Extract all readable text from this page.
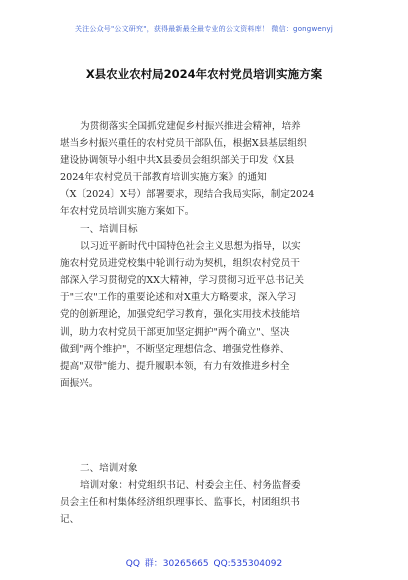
关注公众号"公文研究"，获得最新最全最专业的公文资料库！ 微信：gongwenyj
X县农业农村局2024年农村党员培训实施方案
为贯彻落实全国抓党建促乡村振兴推进会精神，培养
堪当乡村振兴重任的农村党员干部队伍，根据X县基层组织
建设协调领导小组中共X县委员会组织部关于印发《X县
2024年农村党员干部教育培训实施方案》的通知
（X〔2024〕X号）部署要求，现结合我局实际，制定2024
年农村党员培训实施方案如下。
一、培训目标
以习近平新时代中国特色社会主义思想为指导，以实
施农村党员进党校集中轮训行动为契机，组织农村党员干
部深入学习贯彻党的XX大精神，学习贯彻习近平总书记关
于"三农"工作的重要论述和对X重大方略要求，深入学习
党的创新理论，加强党纪学习教育，强化实用技术技能培
训，助力农村党员干部更加坚定拥护"两个确立"、坚决
做到"两个维护"，不断坚定理想信念、增强党性修养、
提高"双带"能力、提升履职本领，有力有效推进乡村全
面振兴。
二、培训对象
培训对象：村党组织书记、村委会主任、村务监督委
员会主任和村集体经济组织理事长、监事长，村团组织书
记、
QQ 群：30265665 QQ:535304092
